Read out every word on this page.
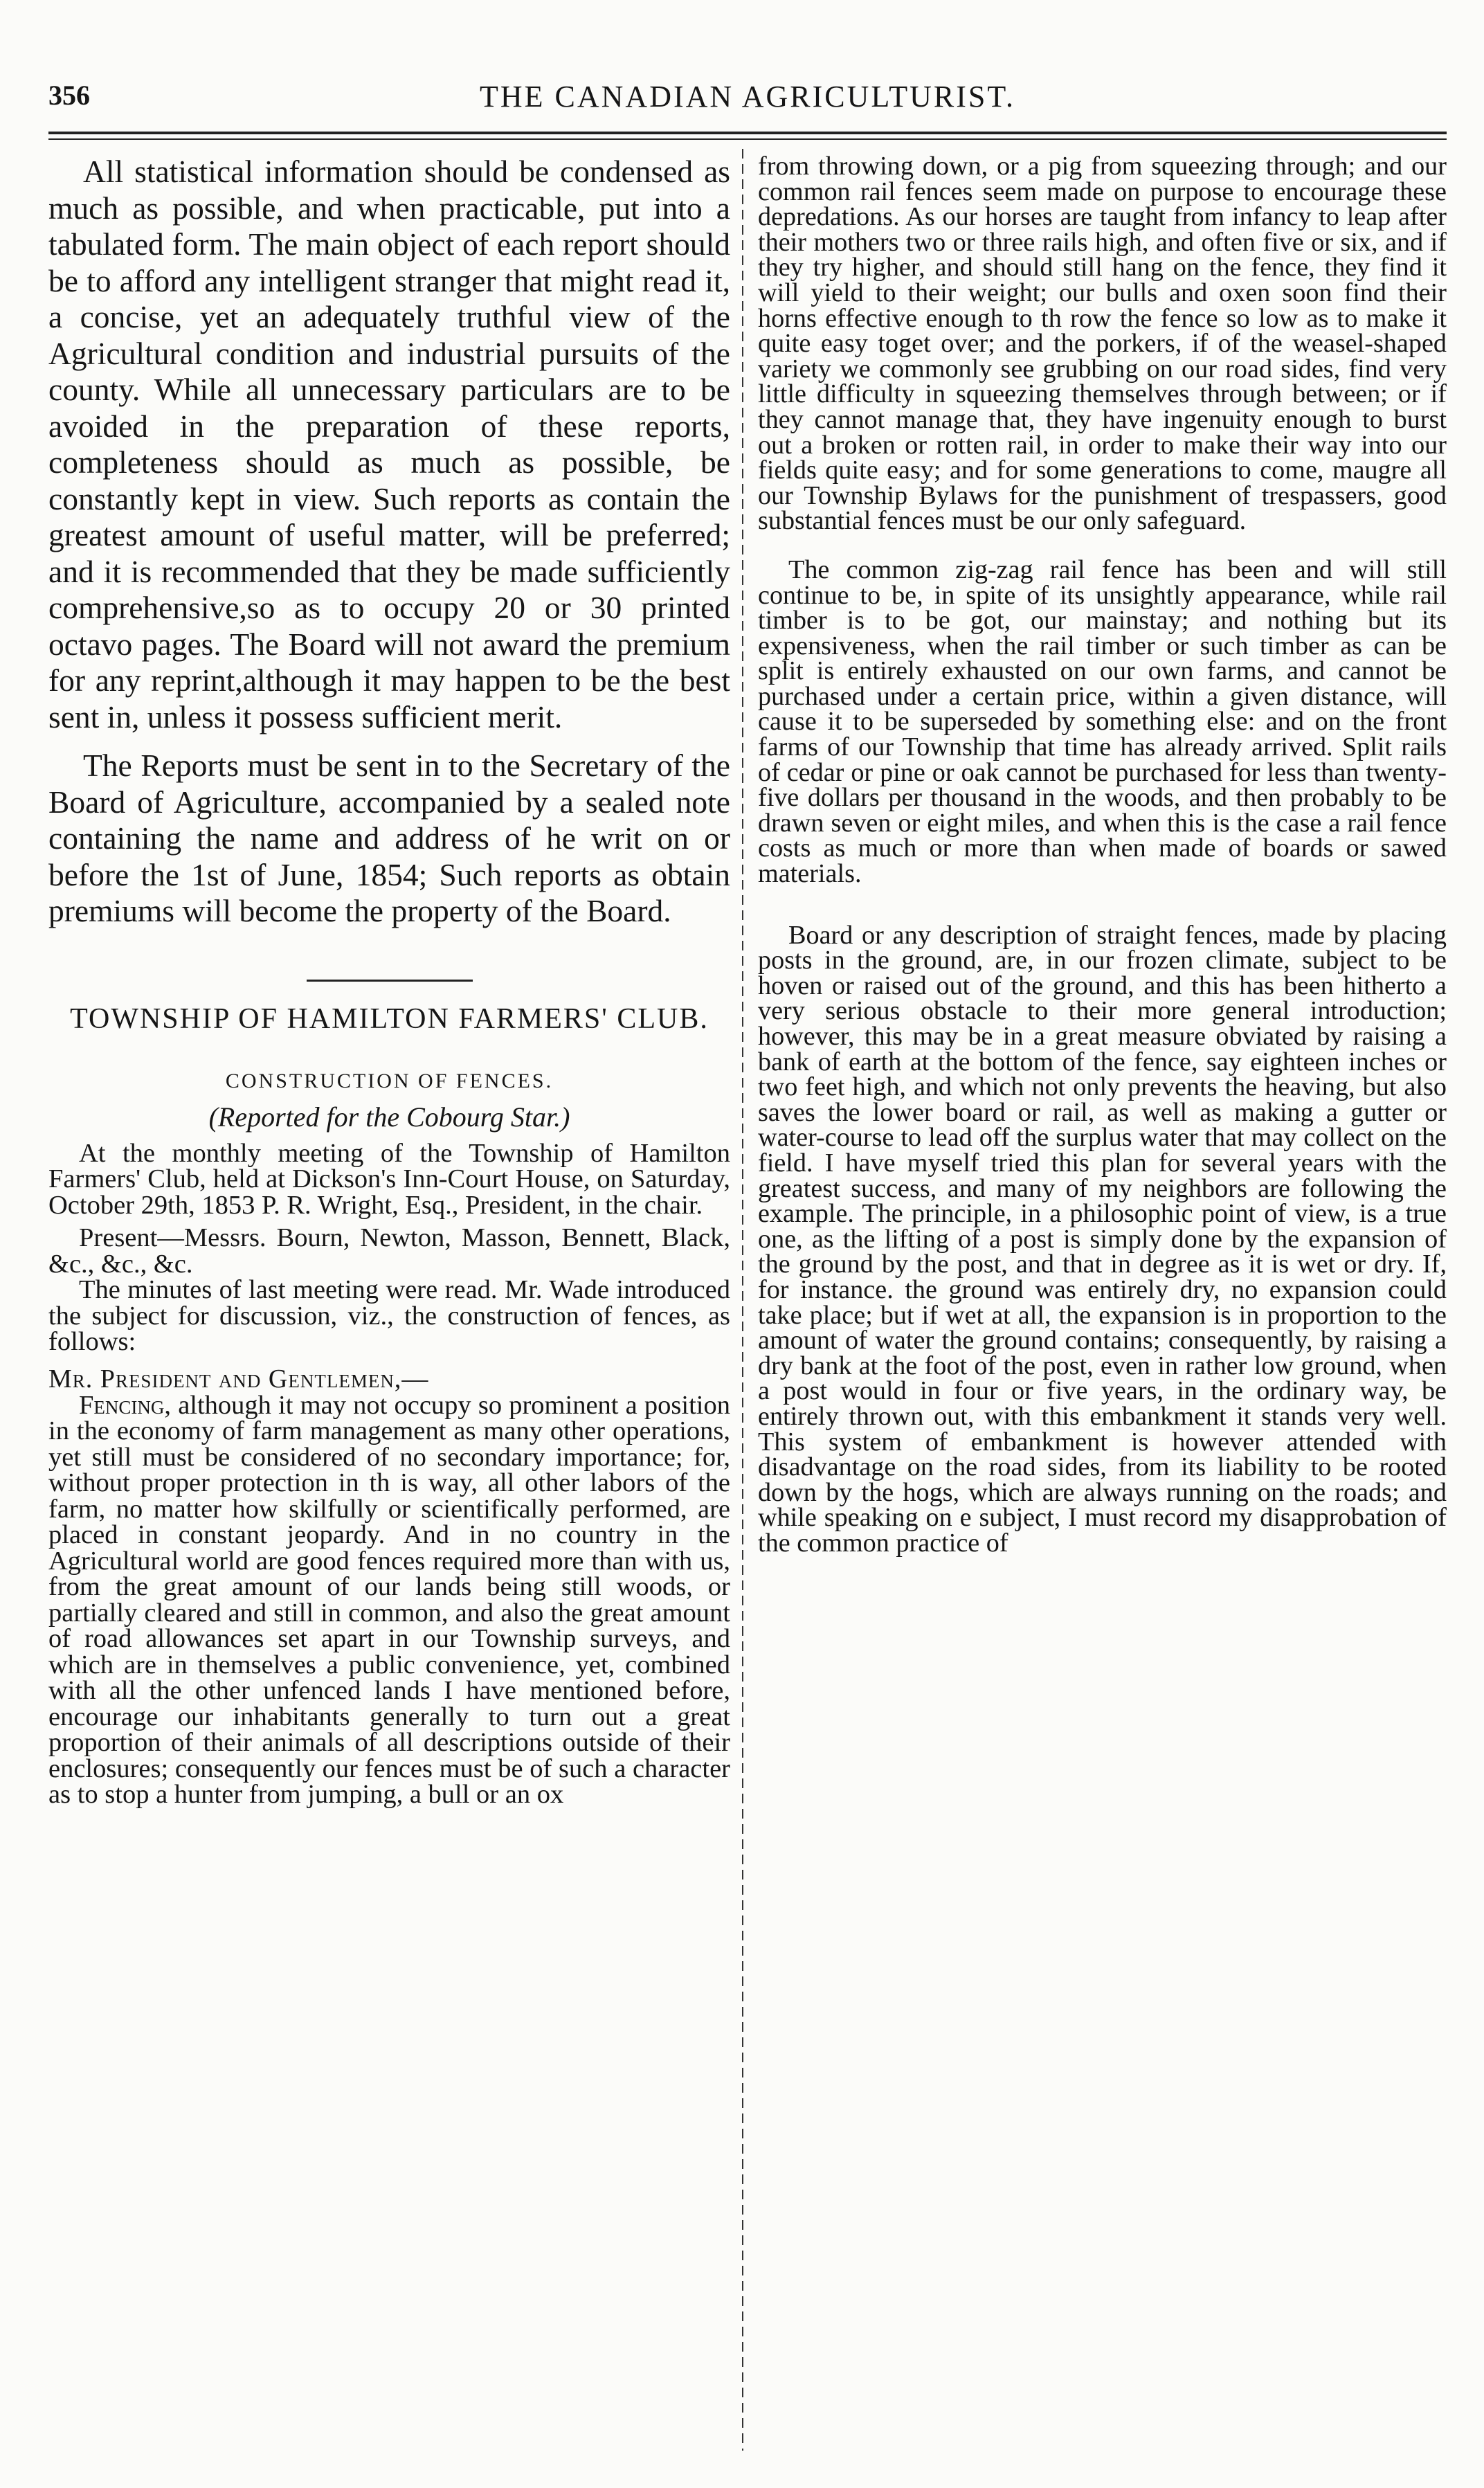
356	THE CANADIAN AGRICULTURIST.

All statistical information should be condensed as much as possible, and when practicable, put into a tabulated form. The main object of each report should be to afford any intelligent stranger that might read it, a concise, yet an adequately truthful view of the Agricultural condition and industrial pursuits of the county. While all unnecessary particulars are to be avoided in the preparation of these reports, completeness should as much as possible, be constantly kept in view. Such reports as contain the greatest amount of useful matter, will be preferred; and it is recommended that they be made sufficiently comprehensive,so as to occupy 20 or 30 printed octavo pages. The Board will not award the premium for any reprint,although it may happen to be the best sent in, unless it possess sufficient merit.

The Reports must be sent in to the Secretary of the Board of Agriculture, accompanied by a sealed note containing the name and address of he writ on or before the 1st of June, 1854; Such reports as obtain premiums will become the property of the Board.

TOWNSHIP OF HAMILTON FARMERS' CLUB.
CONSTRUCTION OF FENCES.
(Reported for the Cobourg Star.)

At the monthly meeting of the Township of Hamilton Farmers' Club, held at Dickson's Inn-Court House, on Saturday, October 29th, 1853 P. R. Wright, Esq., President, in the chair.

Present—Messrs. Bourn, Newton, Masson, Bennett, Black, &c., &c., &c.

The minutes of last meeting were read. Mr. Wade introduced the subject for discussion, viz., the construction of fences, as follows:

Mr. President and Gentlemen,—

Fencing, although it may not occupy so prominent a position in the economy of farm management as many other operations, yet still must be considered of no secondary importance; for, without proper protection in th is way, all other labors of the farm, no matter how skilfully or scientifically performed, are placed in constant jeopardy. And in no country in the Agricultural world are good fences required more than with us, from the great amount of our lands being still woods, or partially cleared and still in common, and also the great amount of road allowances set apart in our Township surveys, and which are in themselves a public convenience, yet, combined with all the other unfenced lands I have mentioned before, encourage our inhabitants generally to turn out a great proportion of their animals of all descriptions outside of their enclosures; consequently our fences must be of such a character as to stop a hunter from jumping, a bull or an ox

from throwing down, or a pig from squeezing through; and our common rail fences seem made on purpose to encourage these depredations. As our horses are taught from infancy to leap after their mothers two or three rails high, and often five or six, and if they try higher, and should still hang on the fence, they find it will yield to their weight; our bulls and oxen soon find their horns effective enough to th row the fence so low as to make it quite easy toget over; and the porkers, if of the weasel-shaped variety we commonly see grubbing on our road sides, find very little difficulty in squeezing themselves through between; or if they cannot manage that, they have ingenuity enough to burst out a broken or rotten rail, in order to make their way into our fields quite easy; and for some generations to come, maugre all our Township Bylaws for the punishment of trespassers, good substantial fences must be our only safeguard.

The common zig-zag rail fence has been and will still continue to be, in spite of its unsightly appearance, while rail timber is to be got, our mainstay; and nothing but its expensiveness, when the rail timber or such timber as can be split is entirely exhausted on our own farms, and cannot be purchased under a certain price, within a given distance, will cause it to be superseded by something else: and on the front farms of our Township that time has already arrived. Split rails of cedar or pine or oak cannot be purchased for less than twenty-five dollars per thousand in the woods, and then probably to be drawn seven or eight miles, and when this is the case a rail fence costs as much or more than when made of boards or sawed materials.

Board or any description of straight fences, made by placing posts in the ground, are, in our frozen climate, subject to be hoven or raised out of the ground, and this has been hitherto a very serious obstacle to their more general introduction; however, this may be in a great measure obviated by raising a bank of earth at the bottom of the fence, say eighteen inches or two feet high, and which not only prevents the heaving, but also saves the lower board or rail, as well as making a gutter or water-course to lead off the surplus water that may collect on the field. I have myself tried this plan for several years with the greatest success, and many of my neighbors are following the example. The principle, in a philosophic point of view, is a true one, as the lifting of a post is simply done by the expansion of the ground by the post, and that in degree as it is wet or dry. If, for instance. the ground was entirely dry, no expansion could take place; but if wet at all, the expansion is in proportion to the amount of water the ground contains; consequently, by raising a dry bank at the foot of the post, even in rather low ground, when a post would in four or five years, in the ordinary way, be entirely thrown out, with this embankment it stands very well. This system of embankment is however attended with disadvantage on the road sides, from its liability to be rooted down by the hogs, which are always running on the roads; and while speaking on e subject, I must record my disapprobation of the common practice of
